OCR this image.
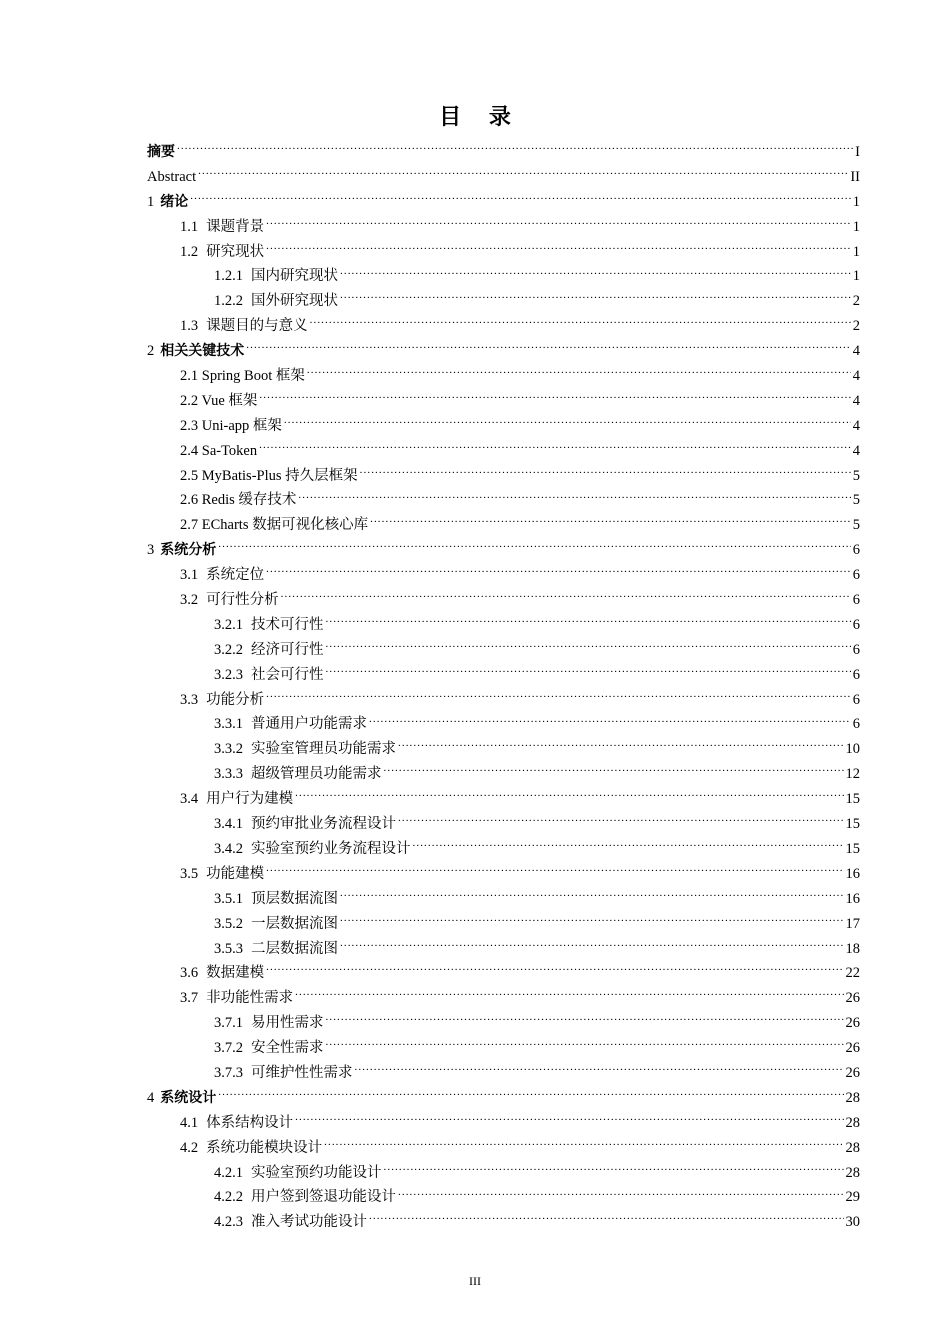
目 录
摘要 .....	I
Abstract .....	II
1 绪论 .....	1
1.1 课题背景 .....	1
1.2 研究现状 .....	1
1.2.1 国内研究现状 .....	1
1.2.2 国外研究现状 .....	2
1.3 课题目的与意义 .....	2
2 相关关键技术 .....	4
2.1 Spring Boot 框架 .....	4
2.2 Vue 框架 .....	4
2.3 Uni-app 框架 .....	4
2.4 Sa-Token .....	4
2.5 MyBatis-Plus 持久层框架 .....	5
2.6 Redis 缓存技术 .....	5
2.7 ECharts 数据可视化核心库 .....	5
3 系统分析 .....	6
3.1 系统定位 .....	6
3.2 可行性分析 .....	6
3.2.1 技术可行性 .....	6
3.2.2 经济可行性 .....	6
3.2.3 社会可行性 .....	6
3.3 功能分析 .....	6
3.3.1 普通用户功能需求 .....	6
3.3.2 实验室管理员功能需求 .....	10
3.3.3 超级管理员功能需求 .....	12
3.4 用户行为建模 .....	15
3.4.1 预约审批业务流程设计 .....	15
3.4.2 实验室预约业务流程设计 .....	15
3.5 功能建模 .....	16
3.5.1 顶层数据流图 .....	16
3.5.2 一层数据流图 .....	17
3.5.3 二层数据流图 .....	18
3.6 数据建模 .....	22
3.7 非功能性需求 .....	26
3.7.1 易用性需求 .....	26
3.7.2 安全性需求 .....	26
3.7.3 可维护性性需求 .....	26
4 系统设计 .....	28
4.1 体系结构设计 .....	28
4.2 系统功能模块设计 .....	28
4.2.1 实验室预约功能设计 .....	28
4.2.2 用户签到签退功能设计 .....	29
4.2.3 准入考试功能设计 .....	30
III
